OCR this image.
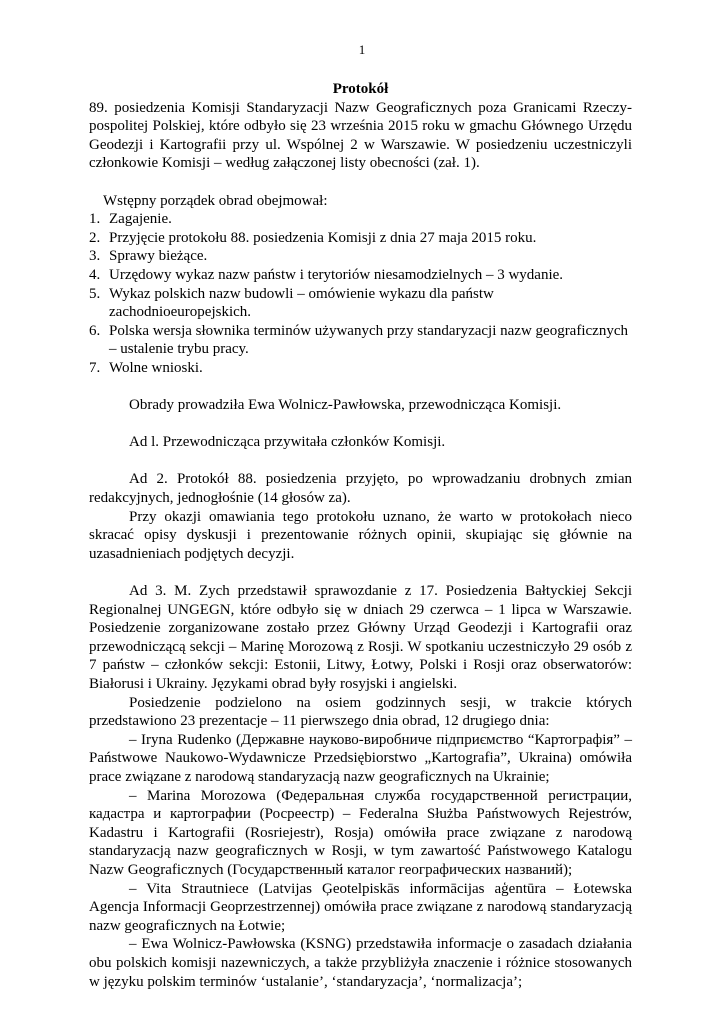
1

Protokół

89. posiedzenia Komisji Standaryzacji Nazw Geograficznych poza Granicami Rzeczy-pospolitej Polskiej, które odbyło się 23 września 2015 roku w gmachu Głównego Urzędu Geodezji i Kartografii przy ul. Wspólnej 2 w Warszawie. W posiedzeniu uczestniczyli członkowie Komisji – według załączonej listy obecności (zał. 1).

Wstępny porządek obrad obejmował:

1. Zagajenie.
2. Przyjęcie protokołu 88. posiedzenia Komisji z dnia 27 maja 2015 roku.
3. Sprawy bieżące.
4. Urzędowy wykaz nazw państw i terytoriów niesamodzielnych – 3 wydanie.
5. Wykaz polskich nazw budowli – omówienie wykazu dla państw zachodnioeuropejskich.
6. Polska wersja słownika terminów używanych przy standaryzacji nazw geograficznych – ustalenie trybu pracy.
7. Wolne wnioski.

Obrady prowadziła Ewa Wolnicz-Pawłowska, przewodnicząca Komisji.

Ad l. Przewodnicząca przywitała członków Komisji.

Ad 2. Protokół 88. posiedzenia przyjęto, po wprowadzaniu drobnych zmian redakcyjnych, jednogłośnie (14 głosów za).

Przy okazji omawiania tego protokołu uznano, że warto w protokołach nieco skracać opisy dyskusji i prezentowanie różnych opinii, skupiając się głównie na uzasadnieniach podjętych decyzji.

Ad 3. M. Zych przedstawił sprawozdanie z 17. Posiedzenia Bałtyckiej Sekcji Regionalnej UNGEGN, które odbyło się w dniach 29 czerwca – 1 lipca w Warszawie. Posiedzenie zorganizowane zostało przez Główny Urząd Geodezji i Kartografii oraz przewodniczącą sekcji – Marinę Morozową z Rosji. W spotkaniu uczestniczyło 29 osób z 7 państw – członków sekcji: Estonii, Litwy, Łotwy, Polski i Rosji oraz obserwatorów: Białorusi i Ukrainy. Językami obrad były rosyjski i angielski.

Posiedzenie podzielono na osiem godzinnych sesji, w trakcie których przedstawiono 23 prezentacje – 11 pierwszego dnia obrad, 12 drugiego dnia:

– Iryna Rudenko (Державне науково-виробниче підприємство “Картографія” – Państwowe Naukowo-Wydawnicze Przedsiębiorstwo „Kartografia”, Ukraina) omówiła prace związane z narodową standaryzacją nazw geograficznych na Ukrainie;

– Marina Morozowa (Федеральная служба государственной регистрации, кадастра и картографии (Росреестр) – Federalna Służba Państwowych Rejestrów, Kadastru i Kartografii (Rosriejestr), Rosja) omówiła prace związane z narodową standaryzacją nazw geograficznych w Rosji, w tym zawartość Państwowego Katalogu Nazw Geograficznych (Государственный каталог географических названий);

– Vita Strautniece (Latvijas Ģeotelpiskās informācijas aģentūra – Łotewska Agencja Informacji Geoprzestrzennej) omówiła prace związane z narodową standaryzacją nazw geograficznych na Łotwie;

– Ewa Wolnicz-Pawłowska (KSNG) przedstawiła informacje o zasadach działania obu polskich komisji nazewniczych, a także przybliżyła znaczenie i różnice stosowanych w języku polskim terminów ‘ustalanie’, ‘standaryzacja’, ‘normalizacja’;
